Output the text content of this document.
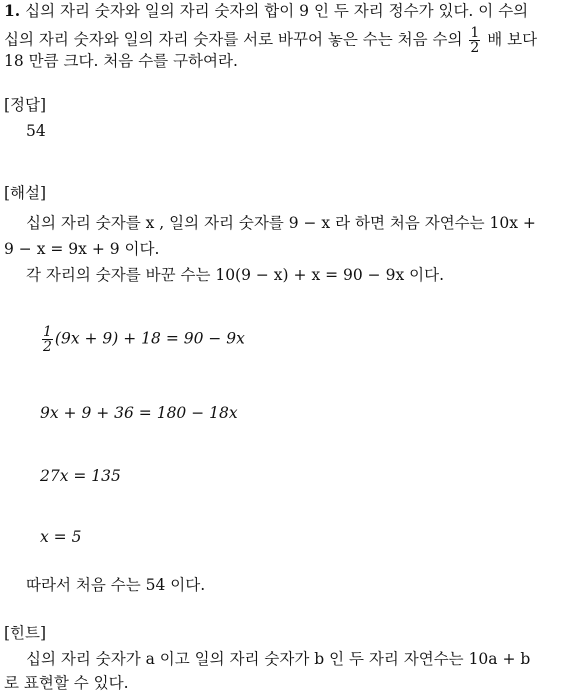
1. 십의 자리 숫자와 일의 자리 숫자의 합이 9 인 두 자리 정수가 있다. 이 수의
십의 자리 숫자와 일의 자리 숫자를 서로 바꾸어 놓은 수는 처음 수의 $\frac{1}{2}$ 배 보다
18 만큼 크다. 처음 수를 구하여라.
[정답]
54
[해설]
십의 자리 숫자를 x , 일의 자리 숫자를 9 − x 라 하면 처음 자연수는 10x +
9 − x = 9x + 9 이다.
각 자리의 숫자를 바꾼 수는 10(9 − x) + x = 90 − 9x 이다.
$\frac{1}{2} (9x + 9) + 18 = 90 - 9x$
9x + 9 + 36 = 180 − 18x
27x = 135
x = 5
따라서 처음 수는 54 이다.
[힌트]
십의 자리 숫자가 a 이고 일의 자리 숫자가 b 인 두 자리 자연수는 10a + b
로 표현할 수 있다.
